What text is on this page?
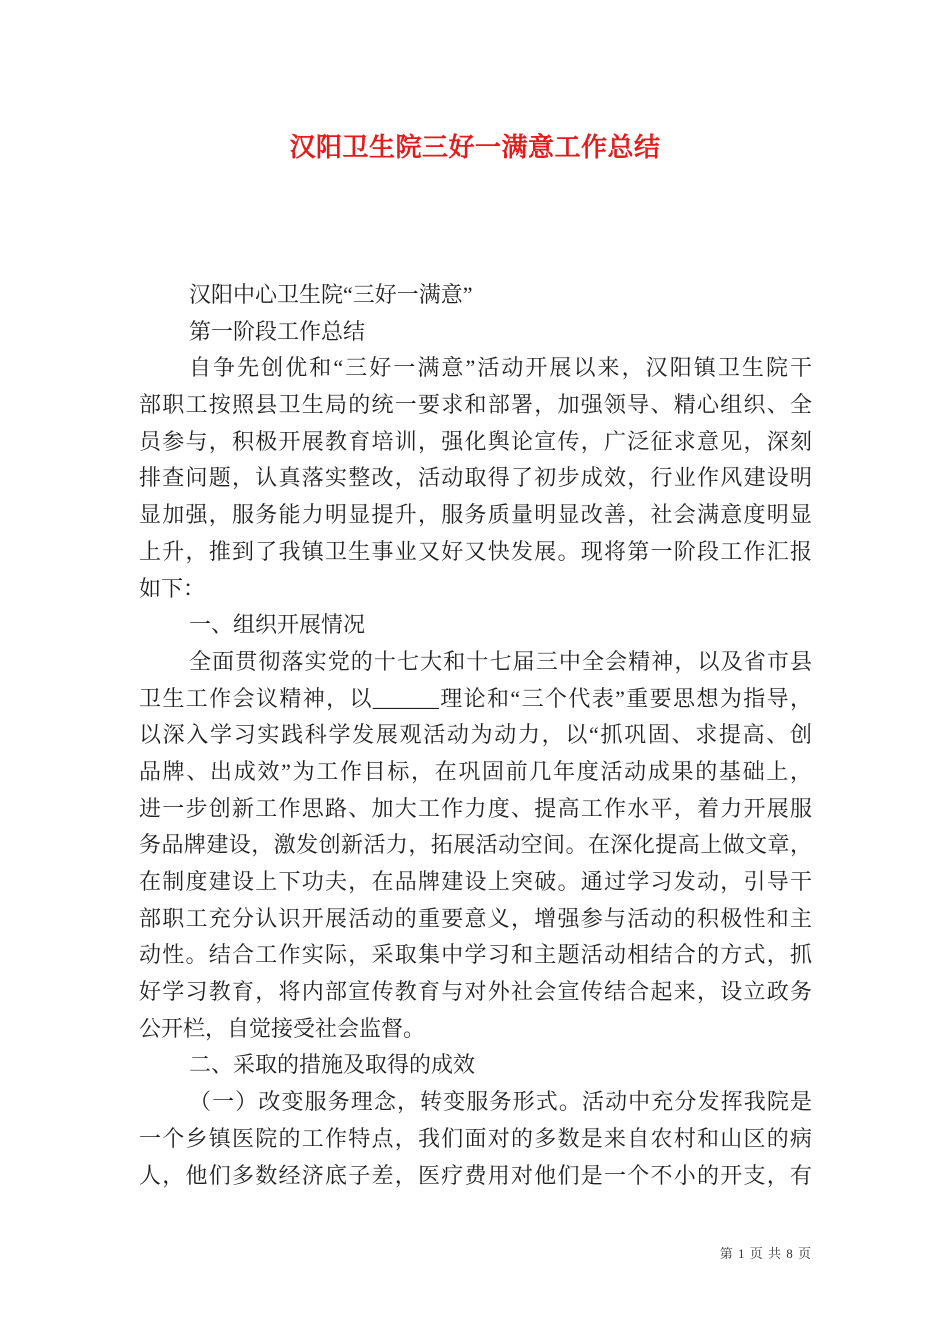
汉阳卫生院三好一满意工作总结
汉阳中心卫生院“三好一满意”
第一阶段工作总结
自争先创优和“三好一满意”活动开展以来，汉阳镇卫生院干
部职工按照县卫生局的统一要求和部署，加强领导、精心组织、全
员参与，积极开展教育培训，强化舆论宣传，广泛征求意见，深刻
排查问题，认真落实整改，活动取得了初步成效，行业作风建设明
显加强，服务能力明显提升，服务质量明显改善，社会满意度明显
上升，推到了我镇卫生事业又好又快发展。现将第一阶段工作汇报
如下：
一、组织开展情况
全面贯彻落实党的十七大和十七届三中全会精神，以及省市县
卫生工作会议精神，以______理论和“三个代表”重要思想为指导，
以深入学习实践科学发展观活动为动力，以“抓巩固、求提高、创
品牌、出成效”为工作目标，在巩固前几年度活动成果的基础上，
进一步创新工作思路、加大工作力度、提高工作水平，着力开展服
务品牌建设，激发创新活力，拓展活动空间。在深化提高上做文章，
在制度建设上下功夫，在品牌建设上突破。通过学习发动，引导干
部职工充分认识开展活动的重要意义，增强参与活动的积极性和主
动性。结合工作实际，采取集中学习和主题活动相结合的方式，抓
好学习教育，将内部宣传教育与对外社会宣传结合起来，设立政务
公开栏，自觉接受社会监督。
二、采取的措施及取得的成效
（一）改变服务理念，转变服务形式。活动中充分发挥我院是
一个乡镇医院的工作特点，我们面对的多数是来自农村和山区的病
人，他们多数经济底子差，医疗费用对他们是一个不小的开支，有
第 1 页 共 8 页
